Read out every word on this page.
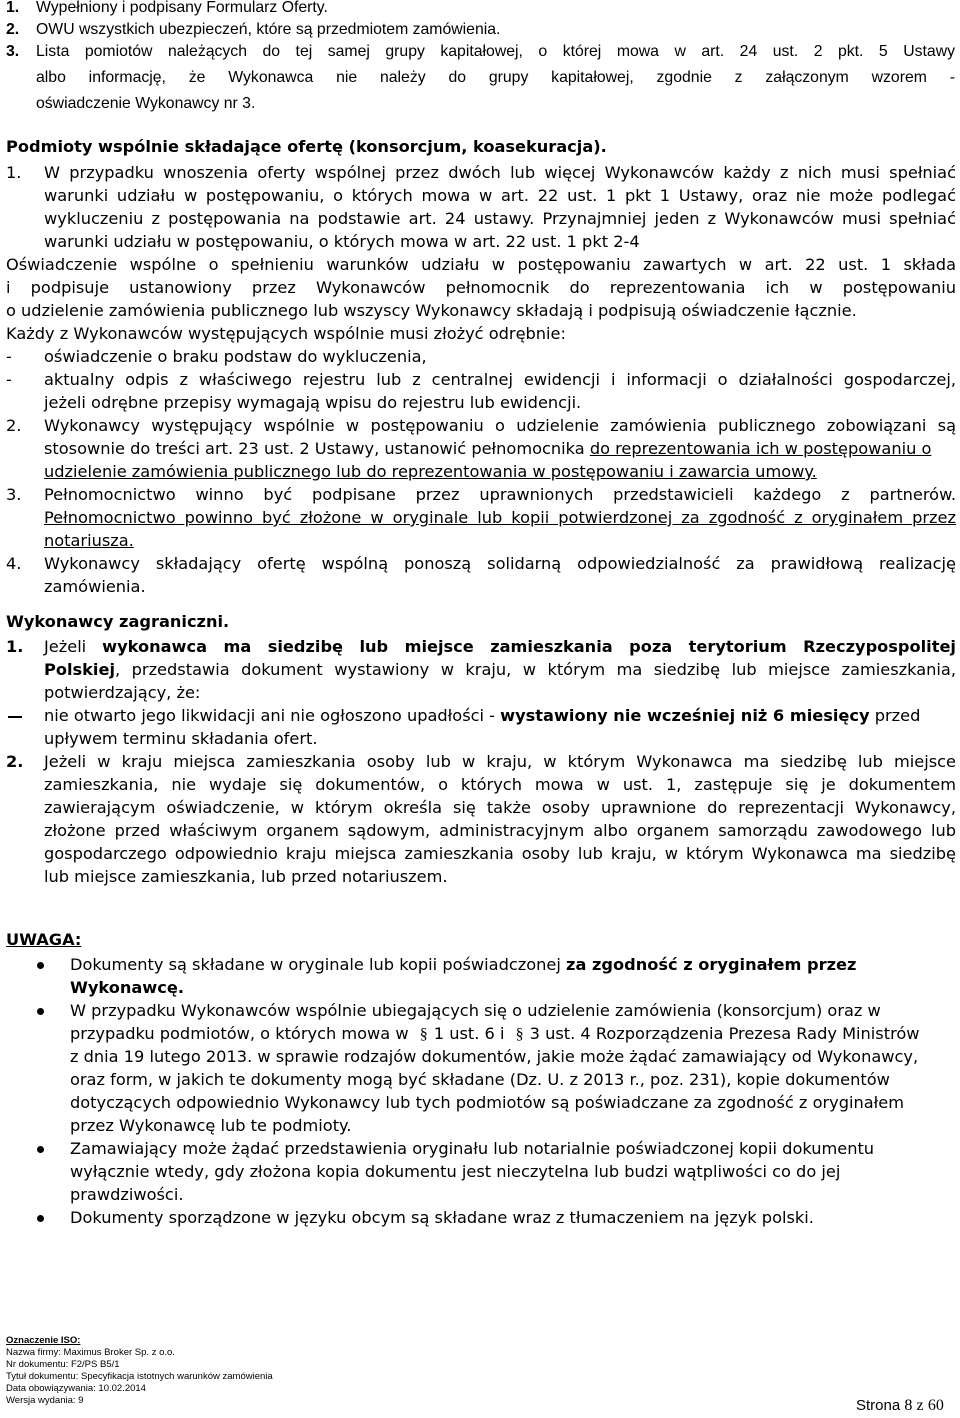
1. Wypełniony i podpisany Formularz Oferty.
2. OWU wszystkich ubezpieczeń, które są przedmiotem zamówienia.
3. Lista pomiotów należących do tej samej grupy kapitałowej, o której mowa w art. 24 ust. 2 pkt. 5 Ustawy
albo informację, że Wykonawca nie należy do grupy kapitałowej, zgodnie z załączonym wzorem -
oświadczenie Wykonawcy nr 3.
Podmioty wspólnie składające ofertę (konsorcjum, koasekuracja).
1. W przypadku wnoszenia oferty wspólnej przez dwóch lub więcej Wykonawców każdy z nich musi spełniać
warunki udziału w postępowaniu, o których mowa w art. 22 ust. 1 pkt 1 Ustawy, oraz nie może podlegać
wykluczeniu z postępowania na podstawie art. 24 ustawy. Przynajmniej jeden z Wykonawców musi spełniać
warunki udziału w postępowaniu, o których mowa w art. 22 ust. 1 pkt 2-4
Oświadczenie wspólne o spełnieniu warunków udziału w postępowaniu zawartych w art. 22 ust. 1 składa
i podpisuje ustanowiony przez Wykonawców pełnomocnik do reprezentowania ich w postępowaniu
o udzielenie zamówienia publicznego lub wszyscy Wykonawcy składają i podpisują oświadczenie łącznie.
Każdy z Wykonawców występujących wspólnie musi złożyć odrębnie:
- oświadczenie o braku podstaw do wykluczenia,
- aktualny odpis z właściwego rejestru lub z centralnej ewidencji i informacji o działalności gospodarczej,
jeżeli odrębne przepisy wymagają wpisu do rejestru lub ewidencji.
2. Wykonawcy występujący wspólnie w postępowaniu o udzielenie zamówienia publicznego zobowiązani są
stosownie do treści art. 23 ust. 2 Ustawy, ustanowić pełnomocnika do reprezentowania ich w postępowaniu o
udzielenie zamówienia publicznego lub do reprezentowania w postępowaniu i zawarcia umowy.
3. Pełnomocnictwo winno być podpisane przez uprawnionych przedstawicieli każdego z partnerów.
Pełnomocnictwo powinno być złożone w oryginale lub kopii potwierdzonej za zgodność z oryginałem przez
notariusza.
4. Wykonawcy składający ofertę wspólną ponoszą solidarną odpowiedzialność za prawidłową realizację
zamówienia.
Wykonawcy zagraniczni.
1. Jeżeli wykonawca ma siedzibę lub miejsce zamieszkania poza terytorium Rzeczypospolitej
Polskiej, przedstawia dokument wystawiony w kraju, w którym ma siedzibę lub miejsce zamieszkania,
potwierdzający, że:
nie otwarto jego likwidacji ani nie ogłoszono upadłości - wystawiony nie wcześniej niż 6 miesięcy przed
upływem terminu składania ofert.
2. Jeżeli w kraju miejsca zamieszkania osoby lub w kraju, w którym Wykonawca ma siedzibę lub miejsce
zamieszkania, nie wydaje się dokumentów, o których mowa w ust. 1, zastępuje się je dokumentem
zawierającym oświadczenie, w którym określa się także osoby uprawnione do reprezentacji Wykonawcy,
złożone przed właściwym organem sądowym, administracyjnym albo organem samorządu zawodowego lub
gospodarczego odpowiednio kraju miejsca zamieszkania osoby lub kraju, w którym Wykonawca ma siedzibę
lub miejsce zamieszkania, lub przed notariuszem.
UWAGA:
Dokumenty są składane w oryginale lub kopii poświadczonej za zgodność z oryginałem przez
Wykonawcę.
W przypadku Wykonawców wspólnie ubiegających się o udzielenie zamówienia (konsorcjum) oraz w
przypadku podmiotów, o których mowa w § 1 ust. 6 i § 3 ust. 4 Rozporządzenia Prezesa Rady Ministrów
z dnia 19 lutego 2013. w sprawie rodzajów dokumentów, jakie może żądać zamawiający od Wykonawcy,
oraz form, w jakich te dokumenty mogą być składane (Dz. U. z 2013 r., poz. 231), kopie dokumentów
dotyczących odpowiednio Wykonawcy lub tych podmiotów są poświadczane za zgodność z oryginałem
przez Wykonawcę lub te podmioty.
Zamawiający może żądać przedstawienia oryginału lub notarialnie poświadczonej kopii dokumentu
wyłącznie wtedy, gdy złożona kopia dokumentu jest nieczytelna lub budzi wątpliwości co do jej
prawdziwości.
Dokumenty sporządzone w języku obcym są składane wraz z tłumaczeniem na język polski.
Oznaczenie ISO:
Nazwa firmy: Maximus Broker Sp. z o.o.
Nr dokumentu: F2/PS B5/1
Tytuł dokumentu: Specyfikacja istotnych warunków zamówienia
Data obowiązywania: 10.02.2014
Wersja wydania: 9	Strona 8 z 60
